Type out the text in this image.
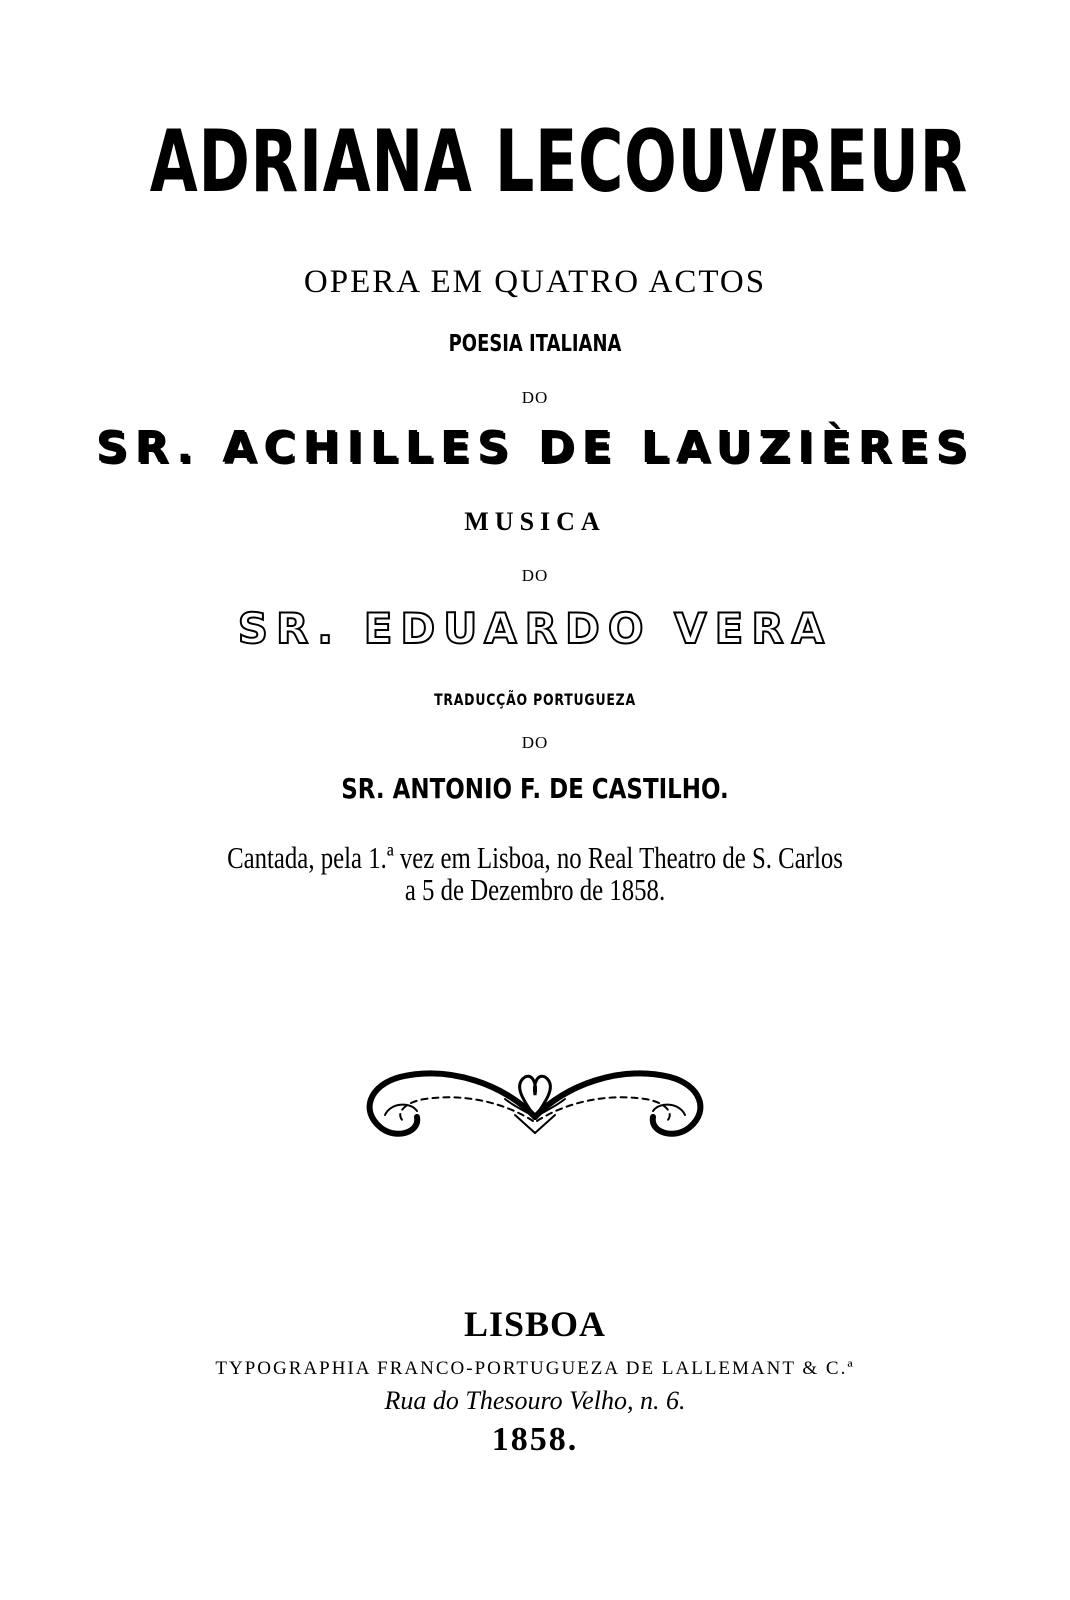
ADRIANA LECOUVREUR
OPERA EM QUATRO ACTOS
POESIA ITALIANA
DO
SR. ACHILLES DE LAUZIÈRES
MUSICA
DO
SR. EDUARDO VERA
TRADUCÇÃO PORTUGUEZA
DO
SR. ANTONIO F. DE CASTILHO.
Cantada, pela 1.ª vez em Lisboa, no Real Theatro de S. Carlos
a 5 de Dezembro de 1858.
LISBOA
TYPOGRAPHIA FRANCO-PORTUGUEZA DE LALLEMANT & C.ª
Rua do Thesouro Velho, n. 6.
1858.
